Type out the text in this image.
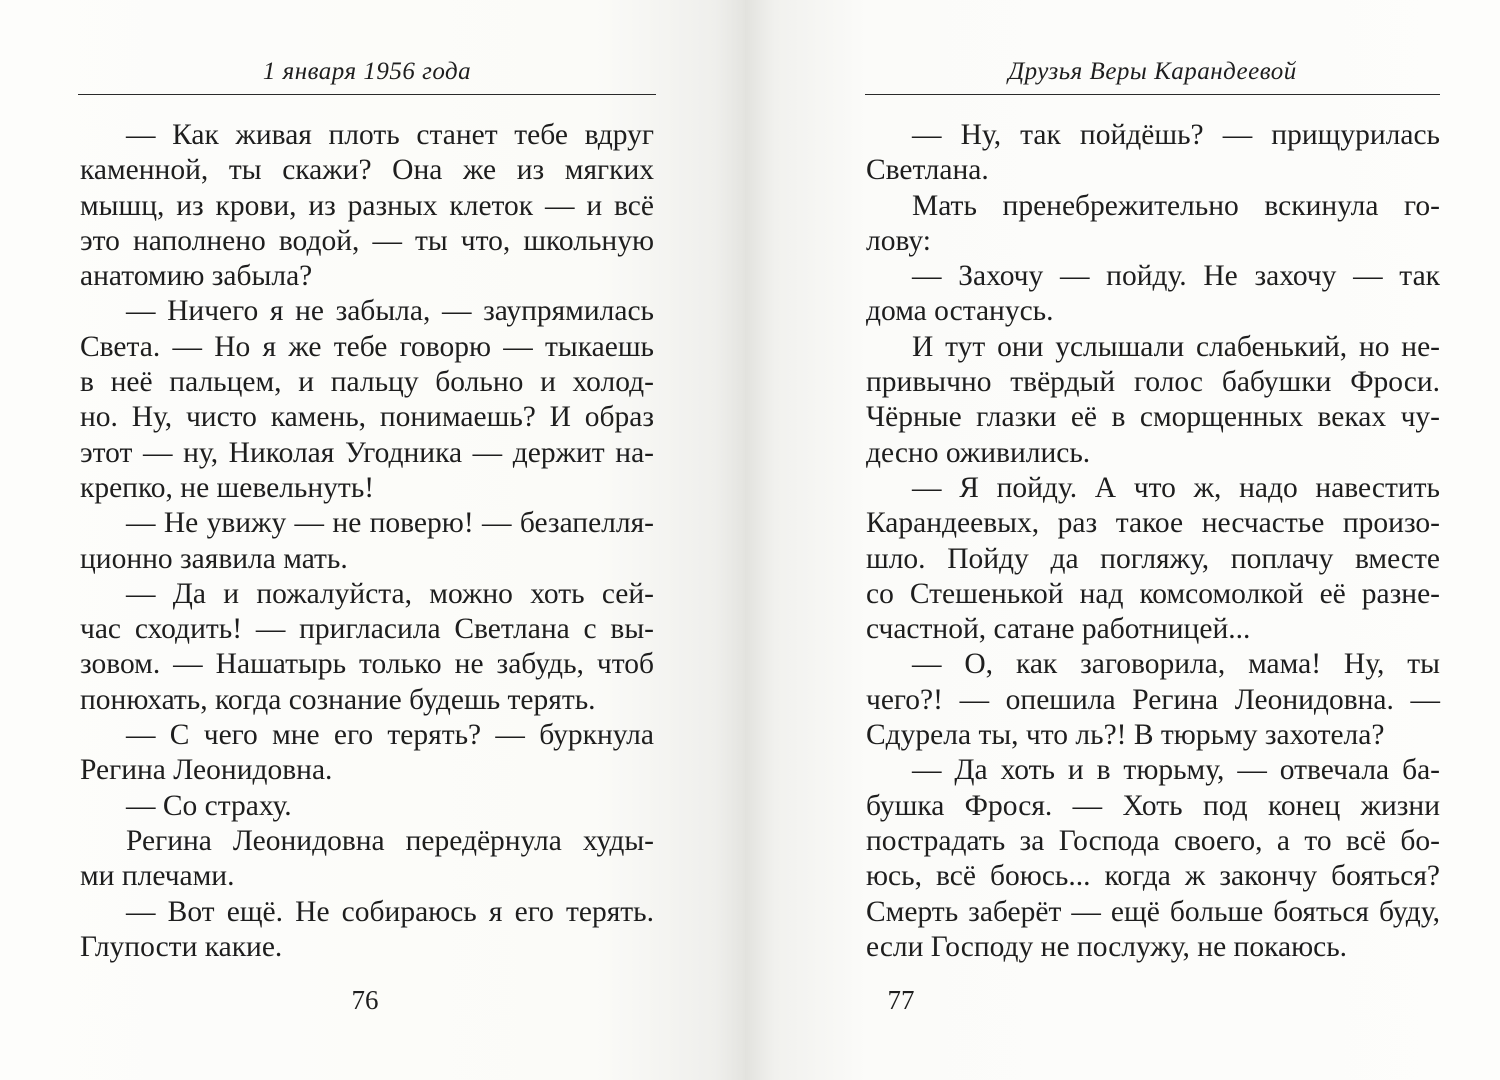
1 января 1956 года
— Как живая плоть станет тебе вдруг
каменной, ты скажи? Она же из мягких
мышц, из крови, из разных клеток — и всё
это наполнено водой, — ты что, школьную
анатомию забыла?
— Ничего я не забыла, — заупрямилась
Света. — Но я же тебе говорю — тыкаешь
в неё пальцем, и пальцу больно и холод-
но. Ну, чисто камень, понимаешь? И образ
этот — ну, Николая Угодника — держит на-
крепко, не шевельнуть!
— Не увижу — не поверю! — безапелля-
ционно заявила мать.
— Да и пожалуйста, можно хоть сей-
час сходить! — пригласила Светлана с вы-
зовом. — Нашатырь только не забудь, чтоб
понюхать, когда сознание будешь терять.
— С чего мне его терять? — буркнула
Регина Леонидовна.
— Со страху.
Регина Леонидовна передёрнула худы-
ми плечами.
— Вот ещё. Не собираюсь я его терять.
Глупости какие.
76
Друзья Веры Карандеевой
— Ну, так пойдёшь? — прищурилась
Светлана.
Мать пренебрежительно вскинула го-
лову:
— Захочу — пойду. Не захочу — так
дома останусь.
И тут они услышали слабенький, но не-
привычно твёрдый голос бабушки Фроси.
Чёрные глазки её в сморщенных веках чу-
десно оживились.
— Я пойду. А что ж, надо навестить
Карандеевых, раз такое несчастье произо-
шло. Пойду да погляжу, поплачу вместе
со Стешенькой над комсомолкой её разне-
счастной, сатане работницей...
— О, как заговорила, мама! Ну, ты
чего?! — опешила Регина Леонидовна. —
Сдурела ты, что ль?! В тюрьму захотела?
— Да хоть и в тюрьму, — отвечала ба-
бушка Фрося. — Хоть под конец жизни
пострадать за Господа своего, а то всё бо-
юсь, всё боюсь... когда ж закончу бояться?
Смерть заберёт — ещё больше бояться буду,
если Господу не послужу, не покаюсь.
77
